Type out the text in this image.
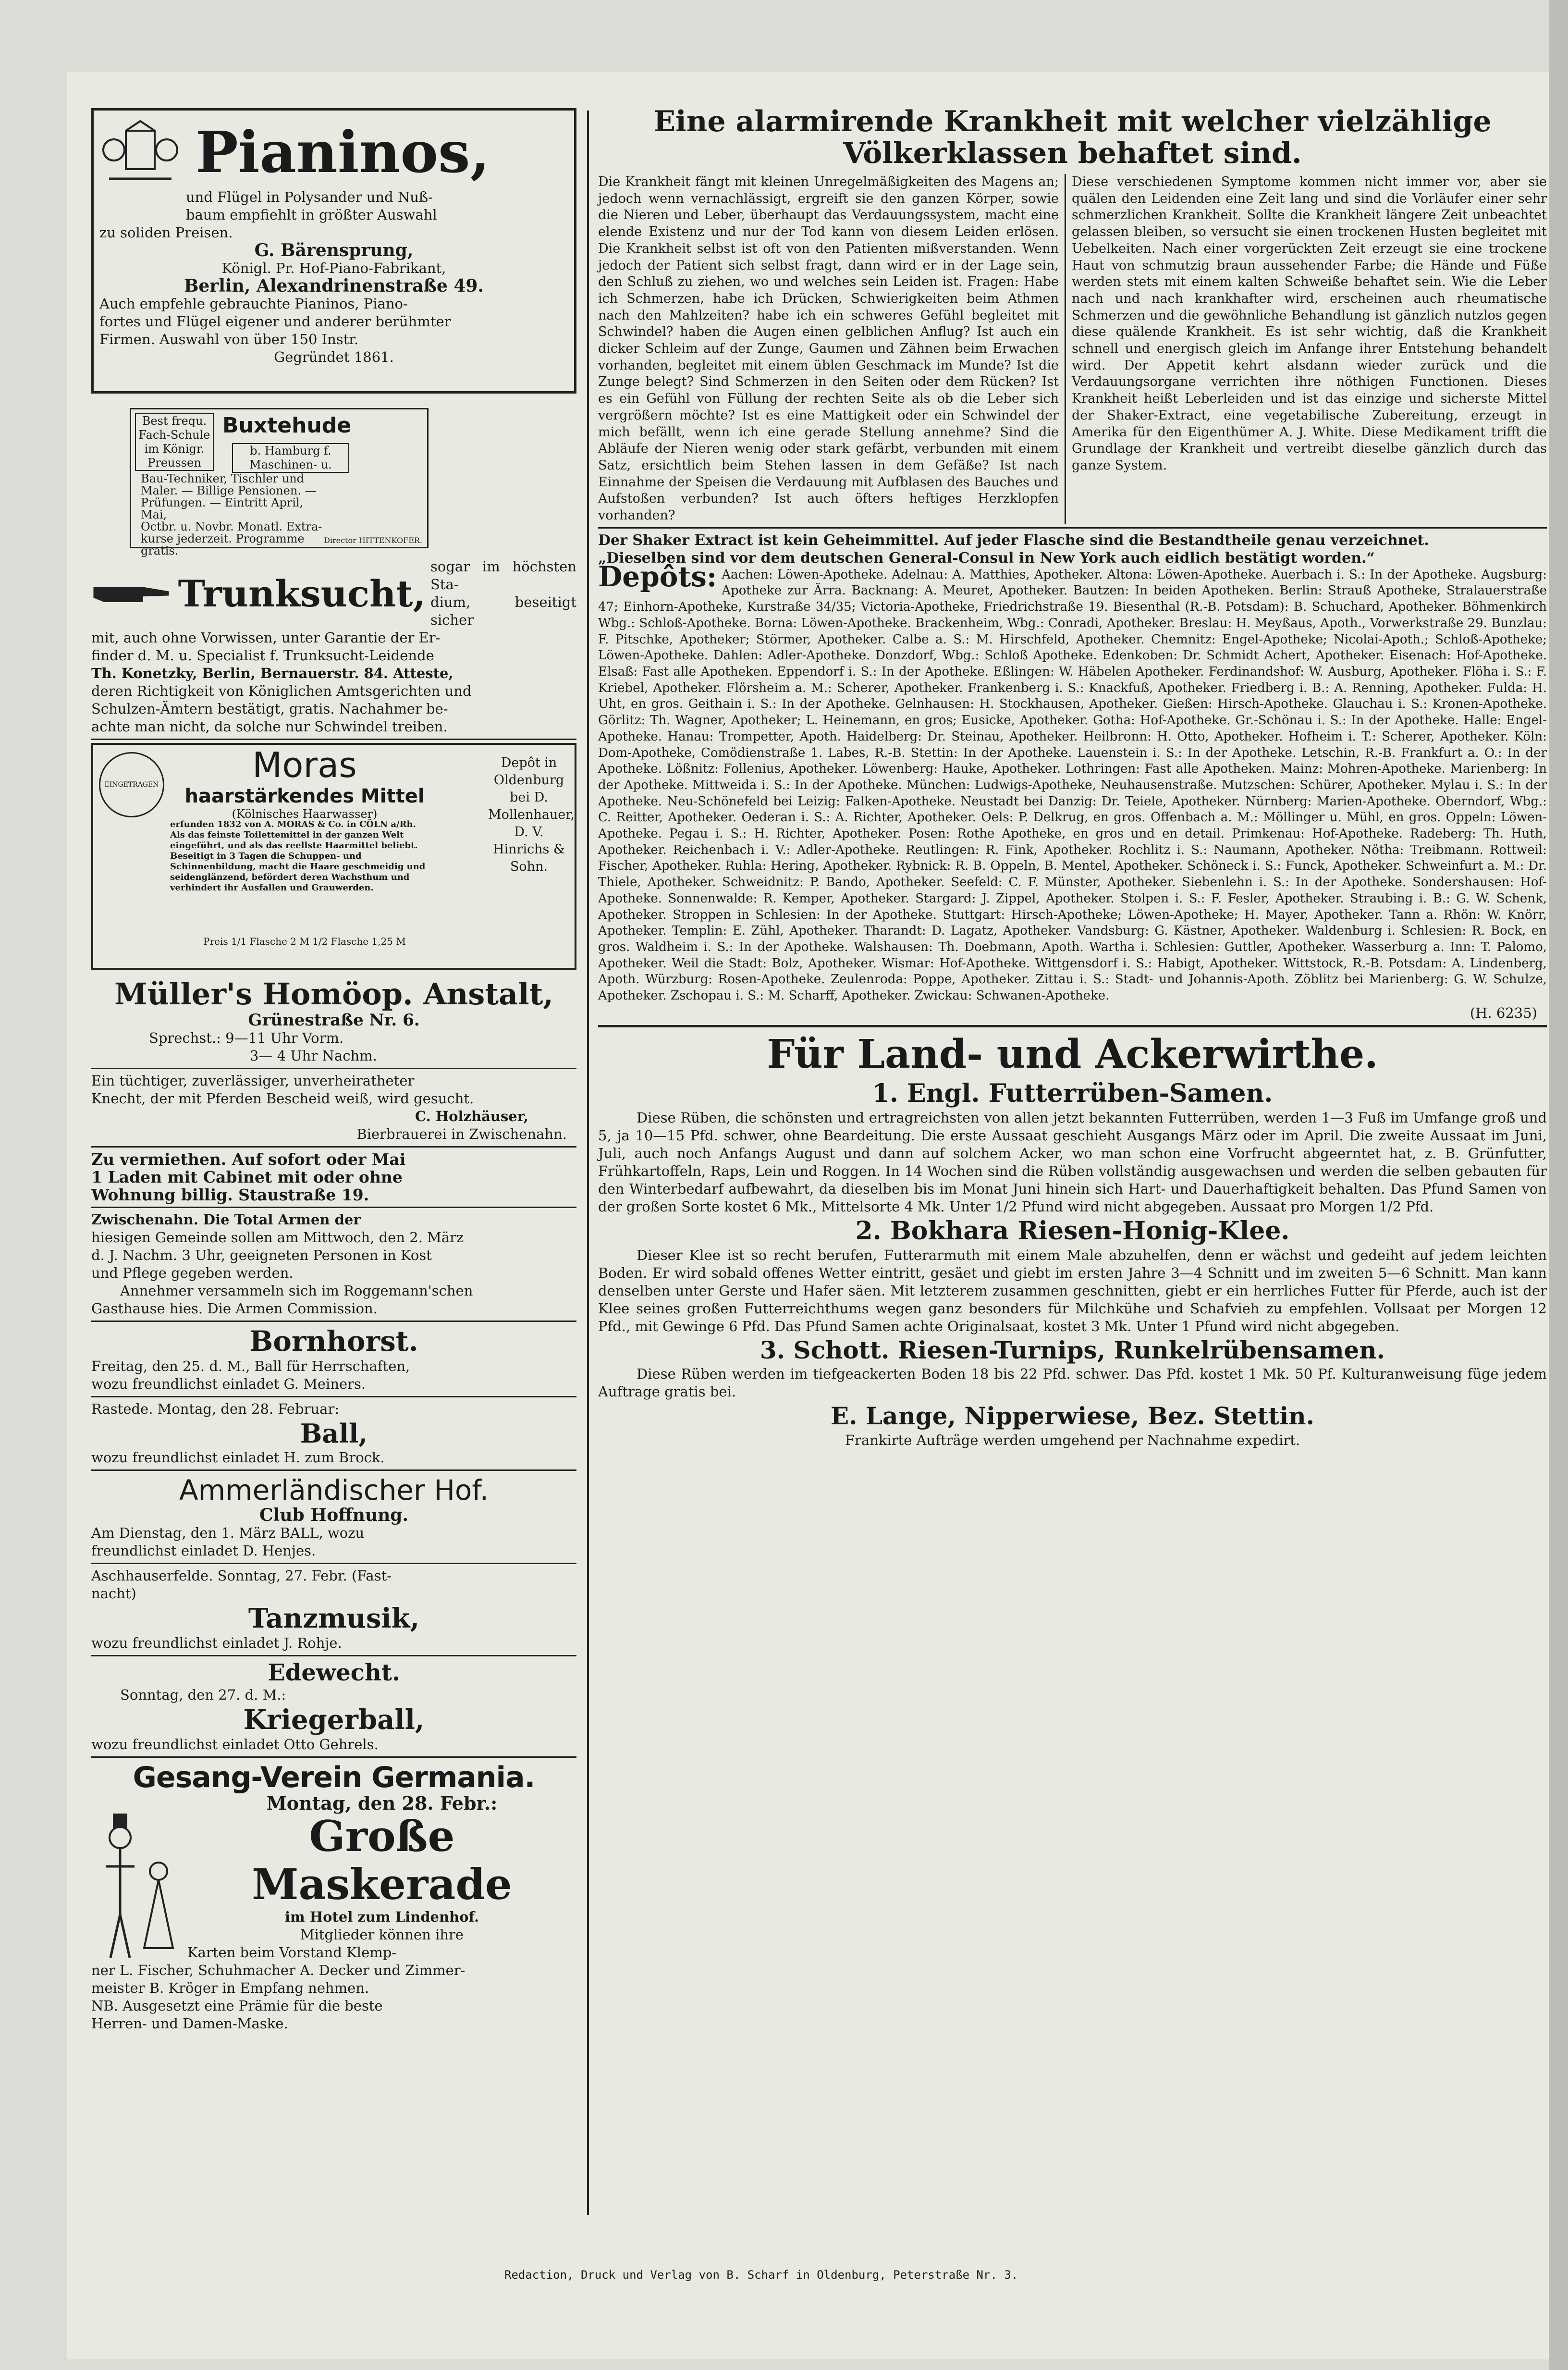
Pianinos,

und Flügel in Polysander und Nuß-

baum empfiehlt in größter Auswahl

zu soliden Preisen.

G. Bärensprung,

Königl. Pr. Hof-Piano-Fabrikant,

Berlin, Alexandrinenstraße 49.

Auch empfehle gebrauchte Pianinos, Piano-

fortes und Flügel eigener und anderer berühmter

Firmen. Auswahl von über 150 Instr.

Gegründet 1861.

Best frequ. Fach-Schule im Königr. Preussen
Buxtehude
b. Hamburg f. Maschinen- u.
Bau-Techniker, Tischler und
Maler. — Billige Pensionen. —
Prüfungen. — Eintritt April, Mai,
Octbr. u. Novbr. Monatl. Extra-
kurse jederzeit. Programme gratis.
Director HITTENKOFER.
Trunksucht,

sogar im höchsten Sta-

dium, beseitigt sicher

mit, auch ohne Vorwissen, unter Garantie der Er-

finder d. M. u. Specialist f. Trunksucht-Leidende

Th. Konetzky, Berlin, Bernauerstr. 84. Atteste,

deren Richtigkeit von Königlichen Amtsgerichten und

Schulzen-Ämtern bestätigt, gratis. Nachahmer be-

achte man nicht, da solche nur Schwindel treiben.

EINGETRAGEN	Moras
haarstärkendes Mittel
(Kölnisches Haarwasser)
erfunden 1832 von A. MORAS & Co. in CÖLN a/Rh.
Als das feinste Toilettemittel in der ganzen Welt eingeführt, und als das reellste Haarmittel beliebt. Beseitigt in 3 Tagen die Schuppen- und Schinnenbildung, macht die Haare geschmeidig und seidenglänzend, befördert deren Wachsthum und verhindert ihr Ausfallen und Grauwerden.
Preis 1/1 Flasche 2 M 1/2 Flasche 1,25 M
Depôt in Oldenburg bei D. Mollenhauer, D. V. Hinrichs & Sohn.
Müller's Homöop. Anstalt,

Grünestraße Nr. 6.

Sprechst.: 9—11 Uhr Vorm.

3— 4 Uhr Nachm.

Ein tüchtiger, zuverlässiger, unverheiratheter

Knecht, der mit Pferden Bescheid weiß, wird gesucht.

C. Holzhäuser,

Bierbrauerei in Zwischenahn.

Zu vermiethen. Auf sofort oder Mai

1 Laden mit Cabinet mit oder ohne

Wohnung billig. Staustraße 19.

Zwischenahn. Die Total Armen der

hiesigen Gemeinde sollen am Mittwoch, den 2. März

d. J. Nachm. 3 Uhr, geeigneten Personen in Kost

und Pflege gegeben werden.

Annehmer versammeln sich im Roggemann'schen

Gasthause hies. Die Armen Commission.

Bornhorst.

Freitag, den 25. d. M., Ball für Herrschaften,

wozu freundlichst einladet G. Meiners.

Rastede. Montag, den 28. Februar:

Ball,

wozu freundlichst einladet H. zum Brock.

Ammerländischer Hof.

Club Hoffnung.

Am Dienstag, den 1. März BALL, wozu

freundlichst einladet D. Henjes.

Aschhauserfelde. Sonntag, 27. Febr. (Fast-

nacht)

Tanzmusik,

wozu freundlichst einladet J. Rohje.

Edewecht.

Sonntag, den 27. d. M.:

Kriegerball,

wozu freundlichst einladet Otto Gehrels.

Gesang-Verein Germania.

Montag, den 28. Febr.:

Große
Maskerade

im Hotel zum Lindenhof.

Mitglieder können ihre

Karten beim Vorstand Klemp-

ner L. Fischer, Schuhmacher A. Decker und Zimmer-

meister B. Kröger in Empfang nehmen.

NB. Ausgesetzt eine Prämie für die beste

Herren- und Damen-Maske.

Eine alarmirende Krankheit mit welcher vielzählige
Völkerklassen behaftet sind.

Die Krankheit fängt mit kleinen Unregelmäßigkeiten des Magens an; jedoch wenn vernachlässigt, ergreift sie den ganzen Körper, sowie die Nieren und Leber, überhaupt das Verdauungssystem, macht eine elende Existenz und nur der Tod kann von diesem Leiden erlösen. Die Krankheit selbst ist oft von den Patienten mißverstanden. Wenn jedoch der Patient sich selbst fragt, dann wird er in der Lage sein, den Schluß zu ziehen, wo und welches sein Leiden ist. Fragen: Habe ich Schmerzen, habe ich Drücken, Schwierigkeiten beim Athmen nach den Mahlzeiten? habe ich ein schweres Gefühl begleitet mit Schwindel? haben die Augen einen gelblichen Anflug? Ist auch ein dicker Schleim auf der Zunge, Gaumen und Zähnen beim Erwachen vorhanden, begleitet mit einem üblen Geschmack im Munde? Ist die Zunge belegt? Sind Schmerzen in den Seiten oder dem Rücken? Ist es ein Gefühl von Füllung der rechten Seite als ob die Leber sich vergrößern möchte? Ist es eine Mattigkeit oder ein Schwindel der mich befällt, wenn ich eine gerade Stellung annehme? Sind die Abläufe der Nieren wenig oder stark gefärbt, verbunden mit einem Satz, ersichtlich beim Stehen lassen in dem Gefäße? Ist nach Einnahme der Speisen die Verdauung mit Aufblasen des Bauches und Aufstoßen verbunden? Ist auch öfters heftiges Herzklopfen vorhanden?

Diese verschiedenen Symptome kommen nicht immer vor, aber sie quälen den Leidenden eine Zeit lang und sind die Vorläufer einer sehr schmerzlichen Krankheit. Sollte die Krankheit längere Zeit unbeachtet gelassen bleiben, so versucht sie einen trockenen Husten begleitet mit Uebelkeiten. Nach einer vorgerückten Zeit erzeugt sie eine trockene Haut von schmutzig braun aussehender Farbe; die Hände und Füße werden stets mit einem kalten Schweiße behaftet sein. Wie die Leber nach und nach krankhafter wird, erscheinen auch rheumatische Schmerzen und die gewöhnliche Behandlung ist gänzlich nutzlos gegen diese quälende Krankheit. Es ist sehr wichtig, daß die Krankheit schnell und energisch gleich im Anfange ihrer Entstehung behandelt wird. Der Appetit kehrt alsdann wieder zurück und die Verdauungsorgane verrichten ihre nöthigen Functionen. Dieses Krankheit heißt Leberleiden und ist das einzige und sicherste Mittel der Shaker-Extract, eine vegetabilische Zubereitung, erzeugt in Amerika für den Eigenthümer A. J. White. Diese Medikament trifft die Grundlage der Krankheit und vertreibt dieselbe gänzlich durch das ganze System.

Der Shaker Extract ist kein Geheimmittel. Auf jeder Flasche sind die Bestandtheile genau verzeichnet.

„Dieselben sind vor dem deutschen General-Consul in New York auch eidlich bestätigt worden.“

Depôts: Aachen: Löwen-Apotheke. Adelnau: A. Matthies, Apotheker. Altona: Löwen-Apotheke. Auerbach i. S.: In der Apotheke. Augsburg: Apotheke zur Ärra. Backnang: A. Meuret, Apotheker. Bautzen: In beiden Apotheken. Berlin: Strauß Apotheke, Stralauerstraße 47; Einhorn-Apotheke, Kurstraße 34/35; Victoria-Apotheke, Friedrichstraße 19. Biesenthal (R.-B. Potsdam): B. Schuchard, Apotheker. Böhmenkirch Wbg.: Schloß-Apotheke. Borna: Löwen-Apotheke. Brackenheim, Wbg.: Conradi, Apotheker. Breslau: H. Meyßaus, Apoth., Vorwerkstraße 29. Bunzlau: F. Pitschke, Apotheker; Störmer, Apotheker. Calbe a. S.: M. Hirschfeld, Apotheker. Chemnitz: Engel-Apotheke; Nicolai-Apoth.; Schloß-Apotheke; Löwen-Apotheke. Dahlen: Adler-Apotheke. Donzdorf, Wbg.: Schloß Apotheke. Edenkoben: Dr. Schmidt Achert, Apotheker. Eisenach: Hof-Apotheke. Elsaß: Fast alle Apotheken. Eppendorf i. S.: In der Apotheke. Eßlingen: W. Häbelen Apotheker. Ferdinandshof: W. Ausburg, Apotheker. Flöha i. S.: F. Kriebel, Apotheker. Flörsheim a. M.: Scherer, Apotheker. Frankenberg i. S.: Knackfuß, Apotheker. Friedberg i. B.: A. Renning, Apotheker. Fulda: H. Uht, en gros. Geithain i. S.: In der Apotheke. Gelnhausen: H. Stockhausen, Apotheker. Gießen: Hirsch-Apotheke. Glauchau i. S.: Kronen-Apotheke. Görlitz: Th. Wagner, Apotheker; L. Heinemann, en gros; Eusicke, Apotheker. Gotha: Hof-Apotheke. Gr.-Schönau i. S.: In der Apotheke. Halle: Engel-Apotheke. Hanau: Trompetter, Apoth. Haidelberg: Dr. Steinau, Apotheker. Heilbronn: H. Otto, Apotheker. Hofheim i. T.: Scherer, Apotheker. Köln: Dom-Apotheke, Comödienstraße 1. Labes, R.-B. Stettin: In der Apotheke. Lauenstein i. S.: In der Apotheke. Letschin, R.-B. Frankfurt a. O.: In der Apotheke. Lößnitz: Follenius, Apotheker. Löwenberg: Hauke, Apotheker. Lothringen: Fast alle Apotheken. Mainz: Mohren-Apotheke. Marienberg: In der Apotheke. Mittweida i. S.: In der Apotheke. München: Ludwigs-Apotheke, Neuhausenstraße. Mutzschen: Schürer, Apotheker. Mylau i. S.: In der Apotheke. Neu-Schönefeld bei Leizig: Falken-Apotheke. Neustadt bei Danzig: Dr. Teiele, Apotheker. Nürnberg: Marien-Apotheke. Oberndorf, Wbg.: C. Reitter, Apotheker. Oederan i. S.: A. Richter, Apotheker. Oels: P. Delkrug, en gros. Offenbach a. M.: Möllinger u. Mühl, en gros. Oppeln: Löwen-Apotheke. Pegau i. S.: H. Richter, Apotheker. Posen: Rothe Apotheke, en gros und en detail. Primkenau: Hof-Apotheke. Radeberg: Th. Huth, Apotheker. Reichenbach i. V.: Adler-Apotheke. Reutlingen: R. Fink, Apotheker. Rochlitz i. S.: Naumann, Apotheker. Nötha: Treibmann. Rottweil: Fischer, Apotheker. Ruhla: Hering, Apotheker. Rybnick: R. B. Oppeln, B. Mentel, Apotheker. Schöneck i. S.: Funck, Apotheker. Schweinfurt a. M.: Dr. Thiele, Apotheker. Schweidnitz: P. Bando, Apotheker. Seefeld: C. F. Münster, Apotheker. Siebenlehn i. S.: In der Apotheke. Sondershausen: Hof-Apotheke. Sonnenwalde: R. Kemper, Apotheker. Stargard: J. Zippel, Apotheker. Stolpen i. S.: F. Fesler, Apotheker. Straubing i. B.: G. W. Schenk, Apotheker. Stroppen in Schlesien: In der Apotheke. Stuttgart: Hirsch-Apotheke; Löwen-Apotheke; H. Mayer, Apotheker. Tann a. Rhön: W. Knörr, Apotheker. Templin: E. Zühl, Apotheker. Tharandt: D. Lagatz, Apotheker. Vandsburg: G. Kästner, Apotheker. Waldenburg i. Schlesien: R. Bock, en gros. Waldheim i. S.: In der Apotheke. Walshausen: Th. Doebmann, Apoth. Wartha i. Schlesien: Guttler, Apotheker. Wasserburg a. Inn: T. Palomo, Apotheker. Weil die Stadt: Bolz, Apotheker. Wismar: Hof-Apotheke. Wittgensdorf i. S.: Habigt, Apotheker. Wittstock, R.-B. Potsdam: A. Lindenberg, Apoth. Würzburg: Rosen-Apotheke. Zeulenroda: Poppe, Apotheker. Zittau i. S.: Stadt- und Johannis-Apoth. Zöblitz bei Marienberg: G. W. Schulze, Apotheker. Zschopau i. S.: M. Scharff, Apotheker. Zwickau: Schwanen-Apotheke.

(H. 6235)

Für Land- und Ackerwirthe.
1. Engl. Futterrüben-Samen.

Diese Rüben, die schönsten und ertragreichsten von allen jetzt bekannten Futterrüben, werden 1—3 Fuß im Umfange groß und 5, ja 10—15 Pfd. schwer, ohne Beardeitung. Die erste Aussaat geschieht Ausgangs März oder im April. Die zweite Aussaat im Juni, Juli, auch noch Anfangs August und dann auf solchem Acker, wo man schon eine Vorfrucht abgeerntet hat, z. B. Grünfutter, Frühkartoffeln, Raps, Lein und Roggen. In 14 Wochen sind die Rüben vollständig ausgewachsen und werden die selben gebauten für den Winterbedarf aufbewahrt, da dieselben bis im Monat Juni hinein sich Hart- und Dauerhaftigkeit behalten. Das Pfund Samen von der großen Sorte kostet 6 Mk., Mittelsorte 4 Mk. Unter 1/2 Pfund wird nicht abgegeben. Aussaat pro Morgen 1/2 Pfd.

2. Bokhara Riesen-Honig-Klee.

Dieser Klee ist so recht berufen, Futterarmuth mit einem Male abzuhelfen, denn er wächst und gedeiht auf jedem leichten Boden. Er wird sobald offenes Wetter eintritt, gesäet und giebt im ersten Jahre 3—4 Schnitt und im zweiten 5—6 Schnitt. Man kann denselben unter Gerste und Hafer säen. Mit letzterem zusammen geschnitten, giebt er ein herrliches Futter für Pferde, auch ist der Klee seines großen Futterreichthums wegen ganz besonders für Milchkühe und Schafvieh zu empfehlen. Vollsaat per Morgen 12 Pfd., mit Gewinge 6 Pfd. Das Pfund Samen achte Originalsaat, kostet 3 Mk. Unter 1 Pfund wird nicht abgegeben.

3. Schott. Riesen-Turnips, Runkelrübensamen.

Diese Rüben werden im tiefgeackerten Boden 18 bis 22 Pfd. schwer. Das Pfd. kostet 1 Mk. 50 Pf. Kulturanweisung füge jedem Auftrage gratis bei.

E. Lange, Nipperwiese, Bez. Stettin.

Frankirte Aufträge werden umgehend per Nachnahme expedirt.

Redaction, Druck und Verlag von B. Scharf in Oldenburg, Peterstraße Nr. 3.
